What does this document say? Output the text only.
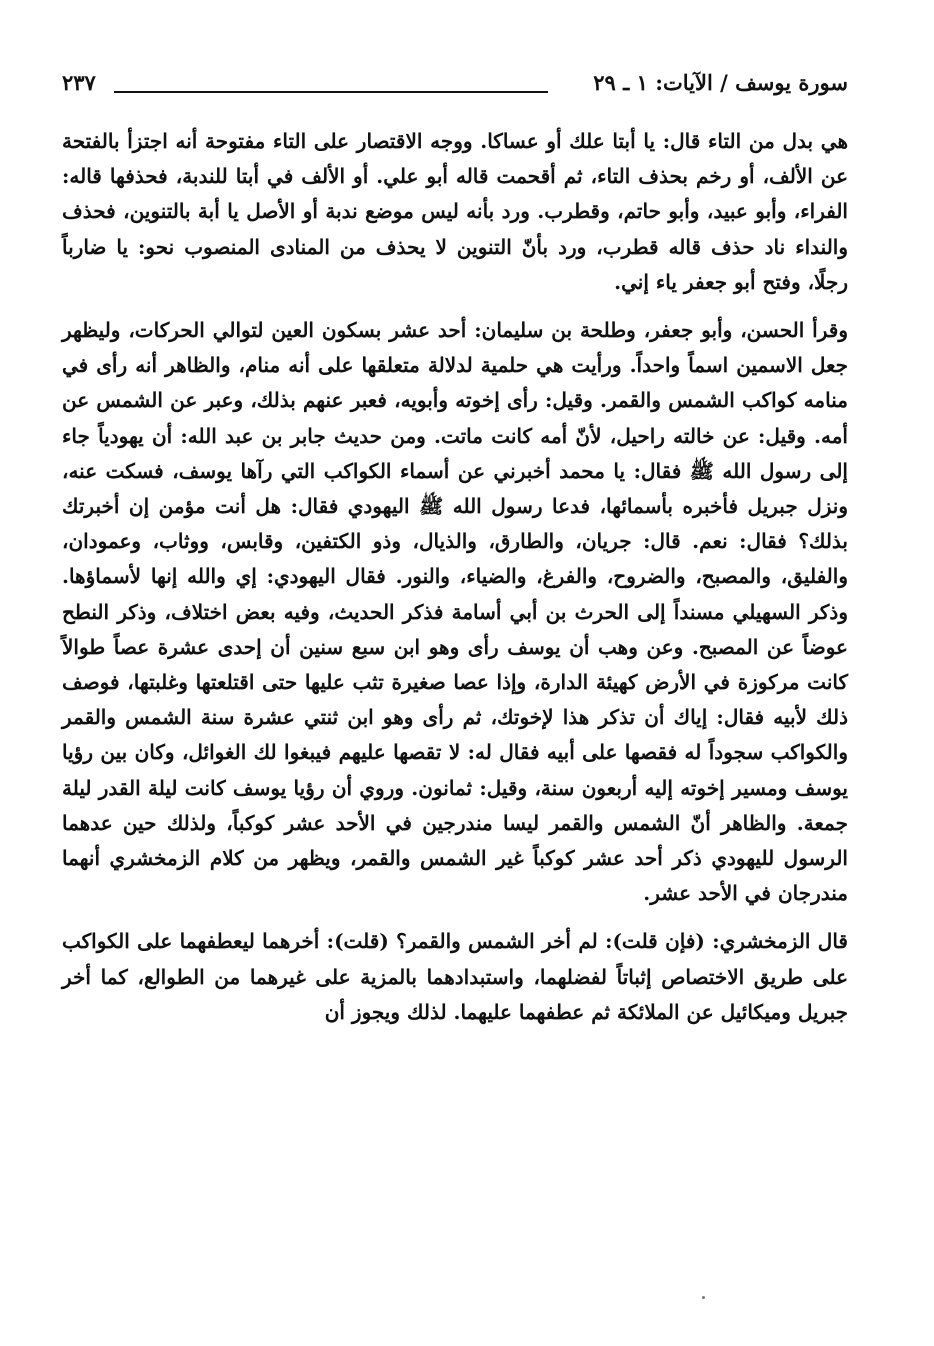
سورة يوسف / الآيات: ١ ـ ٢٩
٢٣٧

هي بدل من التاء قال: يا أبتا علك أو عساكا. ووجه الاقتصار على التاء مفتوحة أنه اجتزأ بالفتحة عن الألف، أو رخم بحذف التاء، ثم أقحمت قاله أبو علي. أو الألف في أبتا للندبة، فحذفها قاله: الفراء، وأبو عبيد، وأبو حاتم، وقطرب. ورد بأنه ليس موضع ندبة أو الأصل يا أبة بالتنوين، فحذف والنداء ناد حذف قاله قطرب، ورد بأنّ التنوين لا يحذف من المنادى المنصوب نحو: يا ضارباً رجلًا، وفتح أبو جعفر ياء إني.

وقرأ الحسن، وأبو جعفر، وطلحة بن سليمان: أحد عشر بسكون العين لتوالي الحركات، وليظهر جعل الاسمين اسماً واحداً. ورأيت هي حلمية لدلالة متعلقها على أنه منام، والظاهر أنه رأى في منامه كواكب الشمس والقمر. وقيل: رأى إخوته وأبويه، فعبر عنهم بذلك، وعبر عن الشمس عن أمه. وقيل: عن خالته راحيل، لأنّ أمه كانت ماتت. ومن حديث جابر بن عبد الله: أن يهودياً جاء إلى رسول الله ﷺ فقال: يا محمد أخبرني عن أسماء الكواكب التي رآها يوسف، فسكت عنه، ونزل جبريل فأخبره بأسمائها، فدعا رسول الله ﷺ اليهودي فقال: هل أنت مؤمن إن أخبرتك بذلك؟ فقال: نعم. قال: جريان، والطارق، والذيال، وذو الكتفين، وقابس، ووثاب، وعمودان، والفليق، والمصبح، والضروح، والفرغ، والضياء، والنور. فقال اليهودي: إي والله إنها لأسماؤها. وذكر السهيلي مسنداً إلى الحرث بن أبي أسامة فذكر الحديث، وفيه بعض اختلاف، وذكر النطح عوضاً عن المصبح. وعن وهب أن يوسف رأى وهو ابن سبع سنين أن إحدى عشرة عصاً طوالاً كانت مركوزة في الأرض كهيئة الدارة، وإذا عصا صغيرة تثب عليها حتى اقتلعتها وغلبتها، فوصف ذلك لأبيه فقال: إياك أن تذكر هذا لإخوتك، ثم رأى وهو ابن ثنتي عشرة سنة الشمس والقمر والكواكب سجوداً له فقصها على أبيه فقال له: لا تقصها عليهم فيبغوا لك الغوائل، وكان بين رؤيا يوسف ومسير إخوته إليه أربعون سنة، وقيل: ثمانون. وروي أن رؤيا يوسف كانت ليلة القدر ليلة جمعة. والظاهر أنّ الشمس والقمر ليسا مندرجين في الأحد عشر كوكباً، ولذلك حين عدهما الرسول لليهودي ذكر أحد عشر كوكباً غير الشمس والقمر، ويظهر من كلام الزمخشري أنهما مندرجان في الأحد عشر.

قال الزمخشري: (فإن قلت): لم أخر الشمس والقمر؟ (قلت): أخرهما ليعطفهما على الكواكب على طريق الاختصاص إثباتاً لفضلهما، واستبدادهما بالمزية على غيرهما من الطوالع، كما أخر جبريل وميكائيل عن الملائكة ثم عطفهما عليهما. لذلك ويجوز أن
